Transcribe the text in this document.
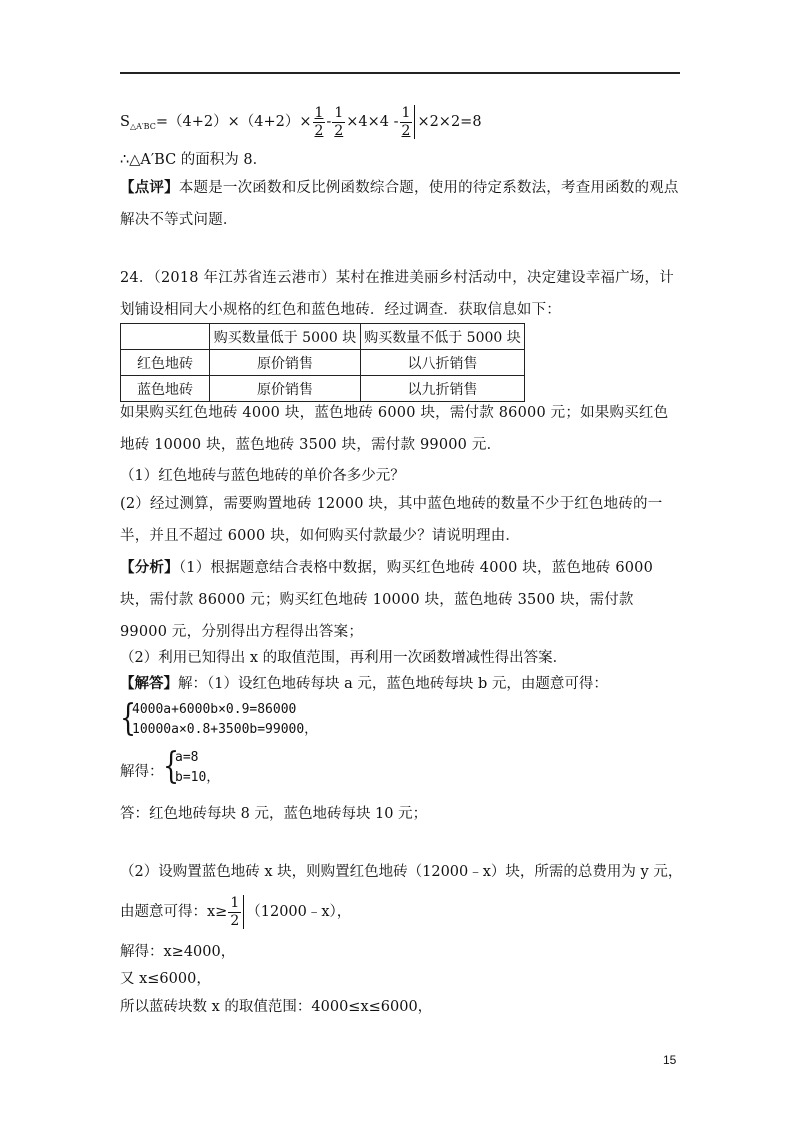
$S_{\triangle A'BC}=(4+2)\times(4+2)\times \frac{1}{2} - \frac{1}{2} \times 4\times 4 - \frac{1}{2} \times 2\times 2=8$
∴△A′BC 的面积为 8．
【点评】本题是一次函数和反比例函数综合题，使用的待定系数法，考查用函数的观点解决不等式问题．
24．（2018 年江苏省连云港市）某村在推进美丽乡村活动中，决定建设幸福广场，计划铺设相同大小规格的红色和蓝色地砖．经过调查．获取信息如下：
	购买数量低于 5000 块	购买数量不低于 5000 块
红色地砖	原价销售	以八折销售
蓝色地砖	原价销售	以九折销售
如果购买红色地砖 4000 块，蓝色地砖 6000 块，需付款 86000 元；如果购买红色地砖 10000 块，蓝色地砖 3500 块，需付款 99000 元．
（1）红色地砖与蓝色地砖的单价各多少元？
(2）经过测算，需要购置地砖 12000 块，其中蓝色地砖的数量不少于红色地砖的一半，并且不超过 6000 块，如何购买付款最少？请说明理由．
【分析】（1）根据题意结合表格中数据，购买红色地砖 4000 块，蓝色地砖 6000 块，需付款 86000 元；购买红色地砖 10000 块，蓝色地砖 3500 块，需付款 99000 元，分别得出方程得出答案；
（2）利用已知得出 x 的取值范围，再利用一次函数增减性得出答案．
【解答】解：（1）设红色地砖每块 a 元，蓝色地砖每块 b 元，由题意可得：
{
4000a+6000b×0.9=86000
10000a×0.8+3500b=99000，
解得： {
a=8
b=10，
答：红色地砖每块 8 元，蓝色地砖每块 10 元；
（2）设购置蓝色地砖 x 块，则购置红色地砖（12000﹣x）块，所需的总费用为 y 元，
由题意可得：$x\ge \frac{1}{2}$ （12000﹣x），
解得：x≥4000，
又 x≤6000，
所以蓝砖块数 x 的取值范围：4000≤x≤6000，
15
